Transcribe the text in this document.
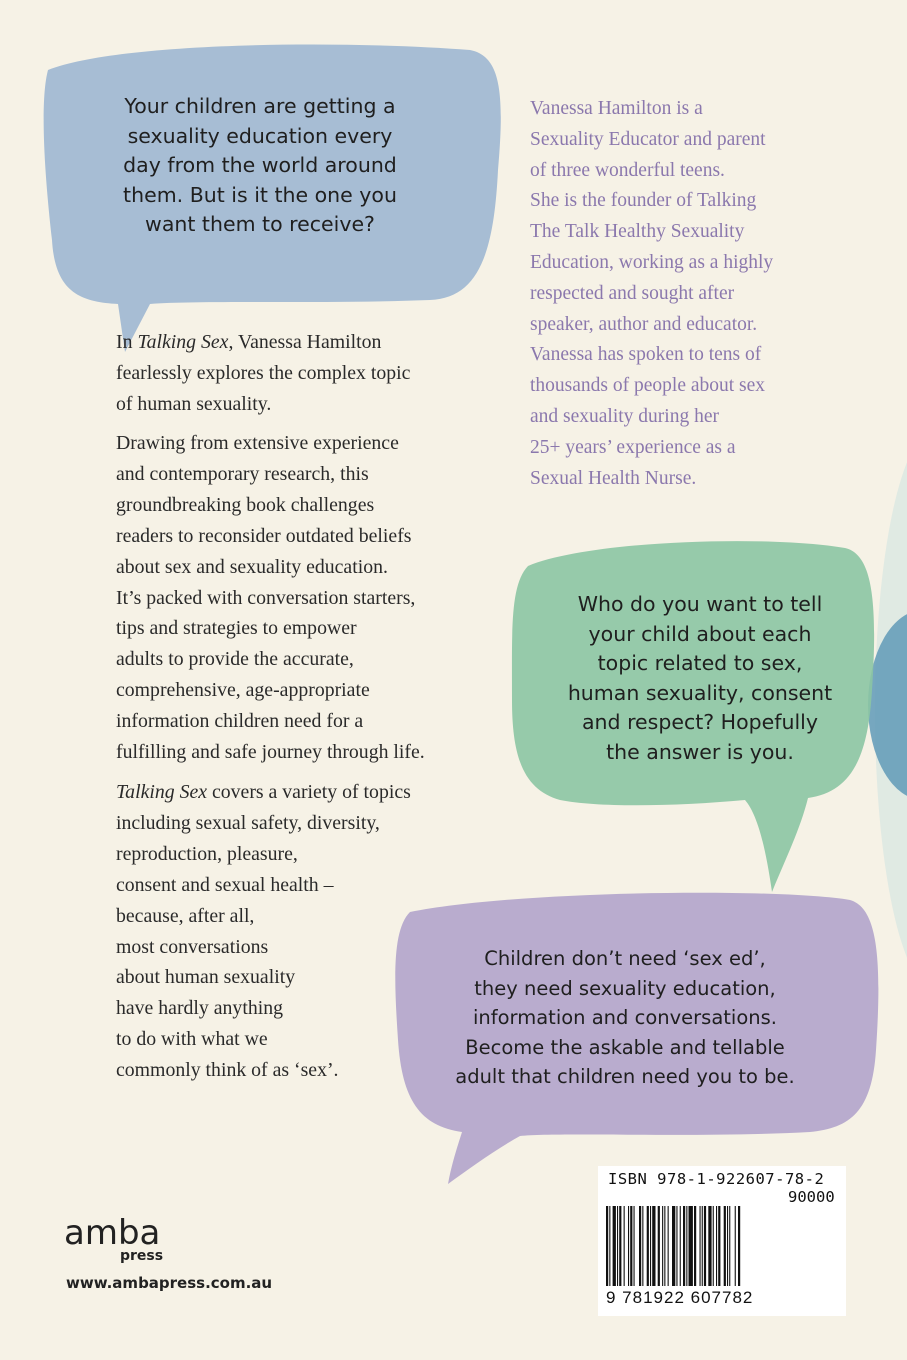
Your children are getting a
sexuality education every
day from the world around
them. But is it the one you
want them to receive?

Who do you want to tell
your child about each
topic related to sex,
human sexuality, consent
and respect? Hopefully
the answer is you.

Children don’t need ‘sex ed’,
they need sexuality education,
information and conversations.
Become the askable and tellable
adult that children need you to be.

Vanessa Hamilton is a
Sexuality Educator and parent
of three wonderful teens.
She is the founder of Talking
The Talk Healthy Sexuality
Education, working as a highly
respected and sought after
speaker, author and educator.
Vanessa has spoken to tens of
thousands of people about sex
and sexuality during her
25+ years’ experience as a
Sexual Health Nurse.

In Talking Sex, Vanessa Hamilton
fearlessly explores the complex topic
of human sexuality.

Drawing from extensive experience
and contemporary research, this
groundbreaking book challenges
readers to reconsider outdated beliefs
about sex and sexuality education.
It’s packed with conversation starters,
tips and strategies to empower
adults to provide the accurate,
comprehensive, age-appropriate
information children need for a
fulfilling and safe journey through life.

Talking Sex covers a variety of topics
including sexual safety, diversity,
reproduction, pleasure,
consent and sexual health –
because, after all,
most conversations
about human sexuality
have hardly anything
to do with what we
commonly think of as ‘sex’.

amba
press

www.ambapress.com.au

ISBN 978-1-922607-78-2

90000

9 781922 607782
